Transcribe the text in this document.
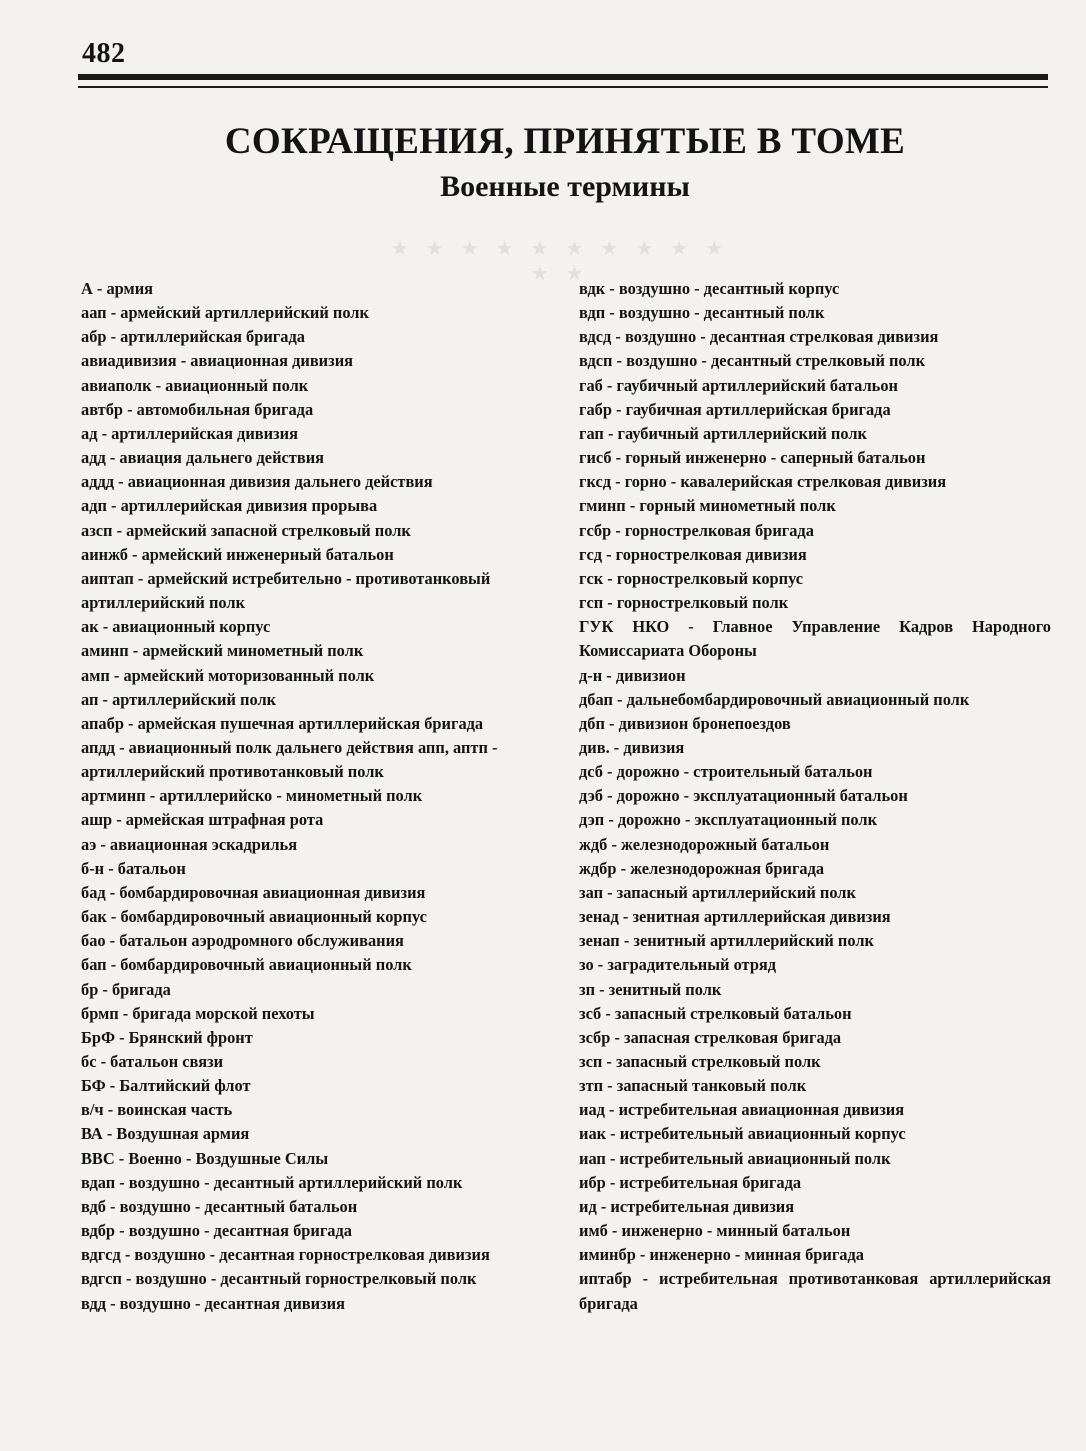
482
СОКРАЩЕНИЯ, ПРИНЯТЫЕ В ТОМЕ
Военные термины
★ ★ ★ ★ ★ ★ ★ ★ ★ ★ ★ ★
А - армия
аап - армейский артиллерийский полк
абр - артиллерийская бригада
авиадивизия - авиационная дивизия
авиаполк - авиационный полк
автбр - автомобильная бригада
ад - артиллерийская дивизия
адд - авиация дальнего действия
аддд - авиационная дивизия дальнего действия
адп - артиллерийская дивизия прорыва
азсп - армейский запасной стрелковый полк
аинжб - армейский инженерный батальон
аиптап - армейский истребительно - противотанковый артиллерийский полк
ак - авиационный корпус
аминп - армейский минометный полк
амп - армейский моторизованный полк
ап - артиллерийский полк
апабр - армейская пушечная артиллерийская бригада
апдд - авиационный полк дальнего действия апп, аптп - артиллерийский противотанковый полк
артминп - артиллерийско - минометный полк
ашр - армейская штрафная рота
аэ - авиационная эскадрилья
б-н - батальон
бад - бомбардировочная авиационная дивизия
бак - бомбардировочный авиационный корпус
бао - батальон аэродромного обслуживания
бап - бомбардировочный авиационный полк
бр - бригада
брмп - бригада морской пехоты
БрФ - Брянский фронт
бс - батальон связи
БФ - Балтийский флот
в/ч - воинская часть
ВА - Воздушная армия
ВВС - Военно - Воздушные Силы
вдап - воздушно - десантный артиллерийский полк
вдб - воздушно - десантный батальон
вдбр - воздушно - десантная бригада
вдгсд - воздушно - десантная горнострелковая дивизия
вдгсп - воздушно - десантный горнострелковый полк
вдд - воздушно - десантная дивизия
вдк - воздушно - десантный корпус
вдп - воздушно - десантный полк
вдсд - воздушно - десантная стрелковая дивизия
вдсп - воздушно - десантный стрелковый полк
габ - гаубичный артиллерийский батальон
габр - гаубичная артиллерийская бригада
гап - гаубичный артиллерийский полк
гисб - горный инженерно - саперный батальон
гксд - горно - кавалерийская стрелковая дивизия
гминп - горный минометный полк
гсбр - горнострелковая бригада
гсд - горнострелковая дивизия
гск - горнострелковый корпус
гсп - горнострелковый полк
ГУК НКО - Главное Управление Кадров Народного Комиссариата Обороны
д-н - дивизион
дбап - дальнебомбардировочный авиационный полк
дбп - дивизион бронепоездов
див. - дивизия
дсб - дорожно - строительный батальон
дэб - дорожно - эксплуатационный батальон
дэп - дорожно - эксплуатационный полк
ждб - железнодорожный батальон
ждбр - железнодорожная бригада
зап - запасный артиллерийский полк
зенад - зенитная артиллерийская дивизия
зенап - зенитный артиллерийский полк
зо - заградительный отряд
зп - зенитный полк
зсб - запасный стрелковый батальон
зсбр - запасная стрелковая бригада
зсп - запасный стрелковый полк
зтп - запасный танковый полк
иад - истребительная авиационная дивизия
иак - истребительный авиационный корпус
иап - истребительный авиационный полк
ибр - истребительная бригада
ид - истребительная дивизия
имб - инженерно - минный батальон
иминбр - инженерно - минная бригада
иптабр - истребительная противотанковая артиллерийская бригада
